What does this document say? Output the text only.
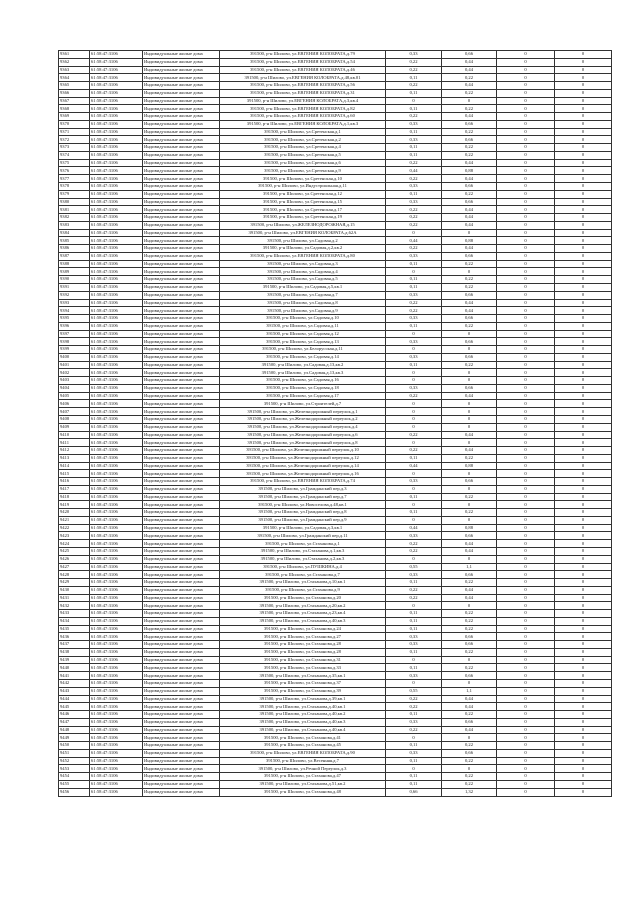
9361	61:58:47:3106	Индивидуальные жилые дома	391500, р-н Шилово, ул.ЕВГЕНИЯ КОЛОБРАТА,д.79	0,33	0,66	0	0
9362	61:58:47:3106	Индивидуальные жилые дома	391500, р-н Шилово, ул.ЕВГЕНИЯ КОЛОБРАТА,д.54	0,22	0,44	0	0
9363	61:58:47:3106	Индивидуальные жилые дома	391500, р-н Шилово, ул.ЕВГЕНИЯ КОЛОБРАТА,д.46	0,22	0,44	0	0
9364	61:58:47:3106	Индивидуальные жилые дома	391500, р-н Шилово, ул.ЕВГЕНИЯ КОЛОБРАТА,д.48,кв.01	0,11	0,22	0	0
9365	61:58:47:3106	Индивидуальные жилые дома	391500, р-н Шилово, ул.ЕВГЕНИЯ КОЛОБРАТА,д.56	0,22	0,44	0	0
9366	61:58:47:3106	Индивидуальные жилые дома	391500, р-н Шилово, ул.ЕВГЕНИЯ КОЛОБРАТА,д.31	0,11	0,22	0	0
9367	61:58:47:3106	Индивидуальные жилые дома	391500, р-н Шилово, ул.ЕВГЕНИЯ КОЛОБРАТА,д.3,кв.4	0	0	0	0
9368	61:58:47:3106	Индивидуальные жилые дома	391500, р-н Шилово, ул.ЕВГЕНИЯ КОЛОБРАТА,д.82	0,11	0,22	0	0
9369	61:58:47:3106	Индивидуальные жилые дома	391500, р-н Шилово, ул.ЕВГЕНИЯ КОЛОБРАТА,д.60	0,22	0,44	0	0
9370	61:58:47:3106	Индивидуальные жилые дома	391500, р-н Шилово, ул.ЕВГЕНИЯ КОЛОБРАТА,д.1,кв.3	0,33	0,66	0	0
9371	61:58:47:3106	Индивидуальные жилые дома	391500, р-н Шилово, ул.Сретенская,д.1	0,11	0,22	0	0
9372	61:58:47:3106	Индивидуальные жилые дома	391500, р-н Шилово, ул.Сретенская,д.2	0,33	0,66	0	0
9373	61:58:47:3106	Индивидуальные жилые дома	391500, р-н Шилово, ул.Сретенская,д.4	0,11	0,22	0	0
9374	61:58:47:3106	Индивидуальные жилые дома	391500, р-н Шилово, ул.Сретенская,д.5	0,11	0,22	0	0
9375	61:58:47:3106	Индивидуальные жилые дома	391500, р-н Шилово, ул.Сретенская,д.6	0,22	0,44	0	0
9376	61:58:47:3106	Индивидуальные жилые дома	391500, р-н Шилово, ул.Сретенская,д.9	0,44	0,88	0	0
9377	61:58:47:3106	Индивидуальные жилые дома	391500, р-н Шилово, ул.Сретенская,д.10	0,22	0,44	0	0
9378	61:58:47:3106	Индивидуальные жилые дома	391500, р-н Шилово, ул.Индустриальная,д.11	0,33	0,66	0	0
9379	61:58:47:3106	Индивидуальные жилые дома	391500, р-н Шилово, ул.Сретенская,д.12	0,11	0,22	0	0
9380	61:58:47:3106	Индивидуальные жилые дома	391500, р-н Шилово, ул.Сретенская,д.15	0,33	0,66	0	0
9381	61:58:47:3106	Индивидуальные жилые дома	391500, р-н Шилово, ул.Сретенская,д.17	0,22	0,44	0	0
9382	61:58:47:3106	Индивидуальные жилые дома	391500, р-н Шилово, ул.Сретенская,д.19	0,22	0,44	0	0
9383	61:58:47:3106	Индивидуальные жилые дома	391500, р-н Шилово, ул.ЖЕЛЕЗНОДОРОЖНАЯ,д.15	0,22	0,44	0	0
9384	61:58:47:3106	Индивидуальные жилые дома	391500, р-н Шилово, ул.ЕВГЕНИЯ КОЛОБРАТА,д.62А	0	0	0	0
9385	61:58:47:3106	Индивидуальные жилые дома	391500, р-н Шилово, ул.Садовая,д.2	0,44	0,88	0	0
9386	61:58:47:3106	Индивидуальные жилые дома	391500, р-н Шилово, ул.Садовая,д.2,кв.2	0,22	0,44	0	0
9387	61:58:47:3106	Индивидуальные жилые дома	391500, р-н Шилово, ул.ЕВГЕНИЯ КОЛОБРАТА,д.80	0,33	0,66	0	0
9388	61:58:47:3106	Индивидуальные жилые дома	391500, р-н Шилово, ул.Садовая,д.3	0,11	0,22	0	0
9389	61:58:47:3106	Индивидуальные жилые дома	391500, р-н Шилово, ул.Садовая,д.4	0	0	0	0
9390	61:58:47:3106	Индивидуальные жилые дома	391500, р-н Шилово, ул.Садовая,д.5	0,11	0,22	0	0
9391	61:58:47:3106	Индивидуальные жилые дома	391500, р-н Шилово, ул.Садовая,д.5,кв.1	0,11	0,22	0	0
9392	61:58:47:3106	Индивидуальные жилые дома	391500, р-н Шилово, ул.Садовая,д.7	0,33	0,66	0	0
9393	61:58:47:3106	Индивидуальные жилые дома	391500, р-н Шилово, ул.Садовая,д.8	0,22	0,44	0	0
9394	61:58:47:3106	Индивидуальные жилые дома	391500, р-н Шилово, ул.Садовая,д.9	0,22	0,44	0	0
9395	61:58:47:3106	Индивидуальные жилые дома	391500, р-н Шилово, ул.Садовая,д.10	0,33	0,66	0	0
9396	61:58:47:3106	Индивидуальные жилые дома	391500, р-н Шилово, ул.Садовая,д.11	0,11	0,22	0	0
9397	61:58:47:3106	Индивидуальные жилые дома	391500, р-н Шилово, ул.Садовая,д.12	0	0	0	0
9398	61:58:47:3106	Индивидуальные жилые дома	391500, р-н Шилово, ул.Садовая,д.13	0,33	0,66	0	0
9399	61:58:47:3106	Индивидуальные жилые дома	391500, р-н Шилово, ул.Белорусская,д.11	0	0	0	0
9400	61:58:47:3106	Индивидуальные жилые дома	391500, р-н Шилово, ул.Садовая,д.14	0,33	0,66	0	0
9401	61:58:47:3106	Индивидуальные жилые дома	391500, р-н Шилово, ул.Садовая,д.13,кв.2	0,11	0,22	0	0
9402	61:58:47:3106	Индивидуальные жилые дома	391500, р-н Шилово, ул.Садовая,д.13,кв.3	0	0	0	0
9403	61:58:47:3106	Индивидуальные жилые дома	391500, р-н Шилово, ул.Садовая,д.16	0	0	0	0
9404	61:58:47:3106	Индивидуальные жилые дома	391500, р-н Шилово, ул.Садовая,д.18	0,33	0,66	0	0
9405	61:58:47:3106	Индивидуальные жилые дома	391500, р-н Шилово, ул.Садовая,д.17	0,22	0,44	0	0
9406	61:58:47:3106	Индивидуальные жилые дома	391500, р-н Шилово, ул.Строителей,д.7	0	0	0	0
9407	61:58:47:3106	Индивидуальные жилые дома	391500, р-н Шилово, ул.Железнодорожный переулок,д.1	0	0	0	0
9408	61:58:47:3106	Индивидуальные жилые дома	391500, р-н Шилово, ул.Железнодорожный переулок,д.2	0	0	0	0
9409	61:58:47:3106	Индивидуальные жилые дома	391500, р-н Шилово, ул.Железнодорожный переулок,д.4	0	0	0	0
9410	61:58:47:3106	Индивидуальные жилые дома	391500, р-н Шилово, ул.Железнодорожный переулок,д.6	0,22	0,44	0	0
9411	61:58:47:3106	Индивидуальные жилые дома	391500, р-н Шилово, ул.Железнодорожный переулок,д.8	0	0	0	0
9412	61:58:47:3106	Индивидуальные жилые дома	391500, р-н Шилово, ул.Железнодорожный переулок,д.10	0,22	0,44	0	0
9413	61:58:47:3106	Индивидуальные жилые дома	391500, р-н Шилово, ул.Железнодорожный переулок,д.12	0,11	0,22	0	0
9414	61:58:47:3106	Индивидуальные жилые дома	391500, р-н Шилово, ул.Железнодорожный переулок,д.14	0,44	0,88	0	0
9415	61:58:47:3106	Индивидуальные жилые дома	391500, р-н Шилово, ул.Железнодорожный переулок,д.16	0	0	0	0
9416	61:58:47:3106	Индивидуальные жилые дома	391500, р-н Шилово, ул.ЕВГЕНИЯ КОЛОБРАТА,д.74	0,33	0,66	0	0
9417	61:58:47:3106	Индивидуальные жилые дома	391500, р-н Шилово, ул.Гражданский пер,д.3	0	0	0	0
9418	61:58:47:3106	Индивидуальные жилые дома	391500, р-н Шилово, ул.Гражданский пер,д.7	0,11	0,22	0	0
9419	61:58:47:3106	Индивидуальные жилые дома	391500, р-н Шилово, ул.Новоселова,д.48,кв.1	0	0	0	0
9420	61:58:47:3106	Индивидуальные жилые дома	391500, р-н Шилово, ул.Гражданский пер,д.8	0,11	0,22	0	0
9421	61:58:47:3106	Индивидуальные жилые дома	391500, р-н Шилово, ул.Гражданский пер,д.9	0	0	0	0
9422	61:58:47:3106	Индивидуальные жилые дома	391500, р-н Шилово, ул.Садовая,д.3,кв.1	0,44	0,88	0	0
9423	61:58:47:3106	Индивидуальные жилые дома	391500, р-н Шилово, ул.Гражданский пер,д.11	0,33	0,66	0	0
9424	61:58:47:3106	Индивидуальные жилые дома	391500, р-н Шилово, ул.Стаханова,д.1	0,22	0,44	0	0
9425	61:58:47:3106	Индивидуальные жилые дома	391500, р-н Шилово, ул.Стаханова,д.1,кв.3	0,22	0,44	0	0
9426	61:58:47:3106	Индивидуальные жилые дома	391500, р-н Шилово, ул.Стаханова,д.2,кв.3	0	0	0	0
9427	61:58:47:3106	Индивидуальные жилые дома	391500, р-н Шилово, ул.ПУШКИНА,д.4	0,55	1,1	0	0
9428	61:58:47:3106	Индивидуальные жилые дома	391500, р-н Шилово, ул.Стаханова,д.7	0,33	0,66	0	0
9429	61:58:47:3106	Индивидуальные жилые дома	391500, р-н Шилово, ул.Стаханова,д.10,кв.1	0,11	0,22	0	0
9430	61:58:47:3106	Индивидуальные жилые дома	391500, р-н Шилово, ул.Стаханова,д.9	0,22	0,44	0	0
9431	61:58:47:3106	Индивидуальные жилые дома	391500, р-н Шилово, ул.Стаханова,д.20	0,22	0,44	0	0
9432	61:58:47:3106	Индивидуальные жилые дома	391500, р-н Шилово, ул.Стаханова,д.20,кв.2	0	0	0	0
9433	61:58:47:3106	Индивидуальные жилые дома	391500, р-н Шилово, ул.Стаханова,д.23,кв.4	0,11	0,22	0	0
9434	61:58:47:3106	Индивидуальные жилые дома	391500, р-н Шилово, ул.Стаханова,д.40,кв.3	0,11	0,22	0	0
9435	61:58:47:3106	Индивидуальные жилые дома	391500, р-н Шилово, ул.Стаханова,д.24	0,11	0,22	0	0
9436	61:58:47:3106	Индивидуальные жилые дома	391500, р-н Шилово, ул.Стаханова,д.27	0,33	0,66	0	0
9437	61:58:47:3106	Индивидуальные жилые дома	391500, р-н Шилово, ул.Стаханова,д.28	0,33	0,66	0	0
9438	61:58:47:3106	Индивидуальные жилые дома	391500, р-н Шилово, ул.Стаханова,д.28	0,11	0,22	0	0
9439	61:58:47:3106	Индивидуальные жилые дома	391500, р-н Шилово, ул.Стаханова,д.31	0	0	0	0
9440	61:58:47:3106	Индивидуальные жилые дома	391500, р-н Шилово, ул.Стаханова,д.33	0,11	0,22	0	0
9441	61:58:47:3106	Индивидуальные жилые дома	391500, р-н Шилово, ул.Стаханова,д.35,кв.1	0,33	0,66	0	0
9442	61:58:47:3106	Индивидуальные жилые дома	391500, р-н Шилово, ул.Стаханова,д.37	0	0	0	0
9443	61:58:47:3106	Индивидуальные жилые дома	391500, р-н Шилово, ул.Стаханова,д.39	0,55	1,1	0	0
9444	61:58:47:3106	Индивидуальные жилые дома	391500, р-н Шилово, ул.Стаханова,д.39,кв.1	0,22	0,44	0	0
9445	61:58:47:3106	Индивидуальные жилые дома	391500, р-н Шилово, ул.Стаханова,д.40,кв.1	0,22	0,44	0	0
9446	61:58:47:3106	Индивидуальные жилые дома	391500, р-н Шилово, ул.Стаханова,д.40,кв.2	0,11	0,22	0	0
9447	61:58:47:3106	Индивидуальные жилые дома	391500, р-н Шилово, ул.Стаханова,д.40,кв.3	0,33	0,66	0	0
9448	61:58:47:3106	Индивидуальные жилые дома	391500, р-н Шилово, ул.Стаханова,д.40,кв.4	0,22	0,44	0	0
9449	61:58:47:3106	Индивидуальные жилые дома	391500, р-н Шилово, ул.Стаханова,д.41	0	0	0	0
9450	61:58:47:3106	Индивидуальные жилые дома	391500, р-н Шилово, ул.Стаханова,д.45	0,11	0,22	0	0
9451	61:58:47:3106	Индивидуальные жилые дома	391500, р-н Шилово, ул.ЕВГЕНИЯ КОЛОБРАТА,д.90	0,33	0,66	0	0
9452	61:58:47:3106	Индивидуальные жилые дома	391500, р-н Шилово, ул.Весенняя,д.7	0,11	0,22	0	0
9453	61:58:47:3106	Индивидуальные жилые дома	391500, р-н Шилово, ул.Речной Переулок,д.3	0	0	0	0
9454	61:58:47:3106	Индивидуальные жилые дома	391500, р-н Шилово, ул.Стаханова,д.47	0,11	0,22	0	0
9455	61:58:47:3106	Индивидуальные жилые дома	391500, р-н Шилово, ул.Стаханова,д.51,кв.2	0,11	0,22	0	0
9456	61:58:47:3106	Индивидуальные жилые дома	391500, р-н Шилово, ул.Стаханова,д.48	0,66	1,32	0	0
